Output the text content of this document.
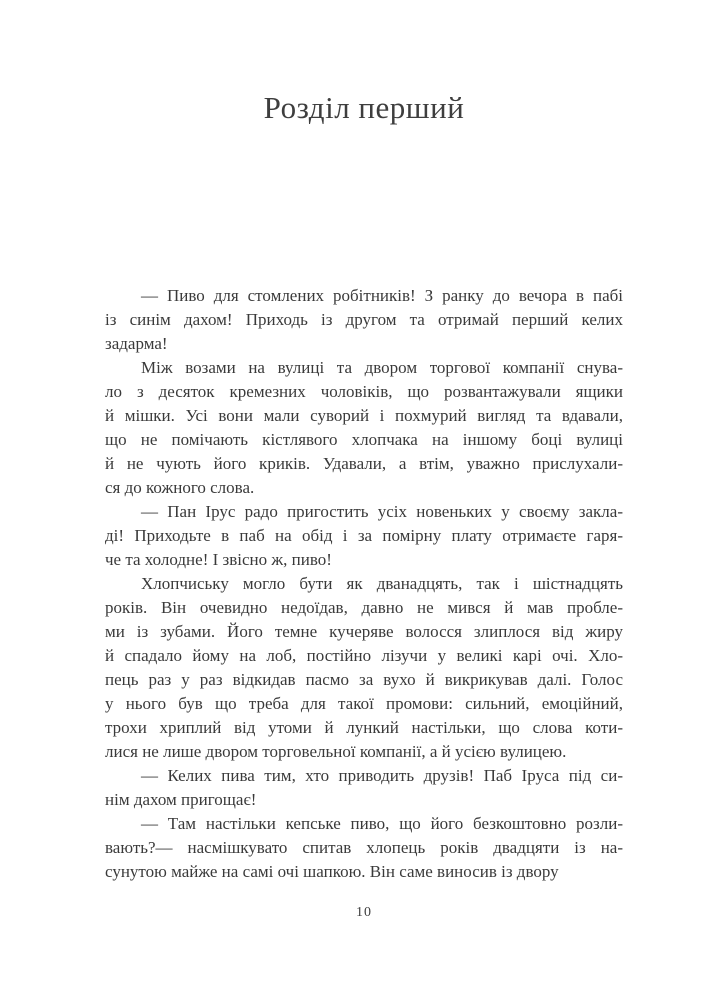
Розділ перший
— Пиво для стомлених робітників! З ранку до вечора в пабі
із синім дахом! Приходь із другом та отримай перший келих
задарма!
Між возами на вулиці та двором торгової компанії снува-
ло з десяток кремезних чоловіків, що розвантажували ящики
й мішки. Усі вони мали суворий і похмурий вигляд та вдавали,
що не помічають кістлявого хлопчака на іншому боці вулиці
й не чують його криків. Удавали, а втім, уважно прислухали-
ся до кожного слова.
— Пан Ірус радо пригостить усіх новеньких у своєму закла-
ді! Приходьте в паб на обід і за помірну плату отримаєте гаря-
че та холодне! І звісно ж, пиво!
Хлопчиську могло бути як дванадцять, так і шістнадцять
років. Він очевидно недоїдав, давно не мився й мав пробле-
ми із зубами. Його темне кучеряве волосся злиплося від жиру
й спадало йому на лоб, постійно лізучи у великі карі очі. Хло-
пець раз у раз відкидав пасмо за вухо й викрикував далі. Голос
у нього був що треба для такої промови: сильний, емоційний,
трохи хриплий від утоми й лункий настільки, що слова коти-
лися не лише двором торговельної компанії, а й усією вулицею.
— Келих пива тим, хто приводить друзів! Паб Іруса під си-
нім дахом пригощає!
— Там настільки кепське пиво, що його безкоштовно розли-
вають?— насмішкувато спитав хлопець років двадцяти із на-
сунутою майже на самі очі шапкою. Він саме виносив із двору
10
